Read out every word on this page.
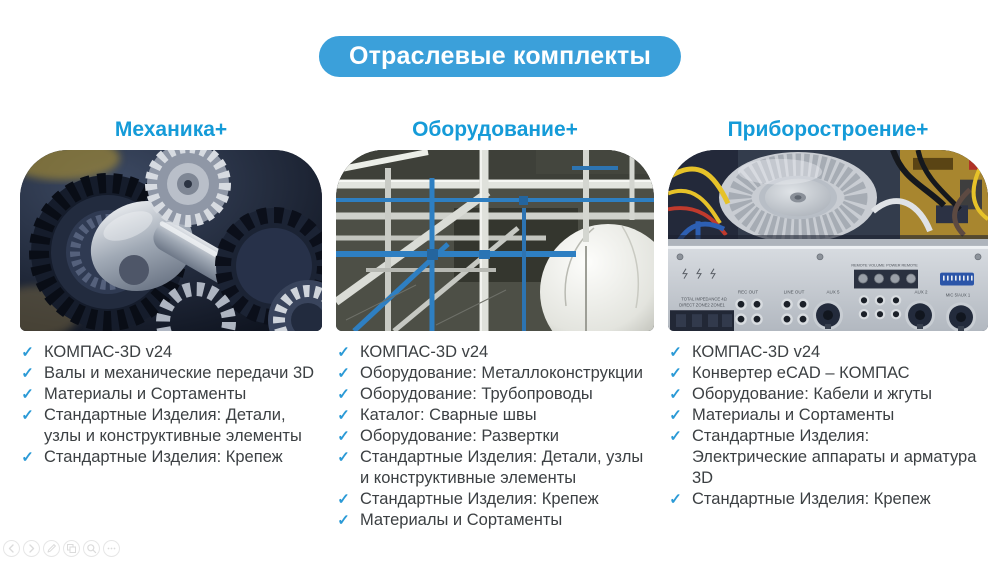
Отраслевые комплекты
Механика+
✓ КОМПАС-3D v24
✓ Валы и механические передачи 3D
✓ Материалы и Сортаменты
✓ Стандартные Изделия: Детали, узлы и конструктивные элементы
✓ Стандартные Изделия: Крепеж
Оборудование+
✓ КОМПАС-3D v24
✓ Оборудование: Металлоконструкции
✓ Оборудование: Трубопроводы
✓ Каталог: Сварные швы
✓ Оборудование: Развертки
✓ Стандартные Изделия: Детали, узлы и конструктивные элементы
✓ Стандартные Изделия: Крепеж
✓ Материалы и Сортаменты
Приборостроение+
TOTAL IMPEDANCE 4Ω
DIRECT ZONE2 ZONE1
REC OUT	LINE OUT	AUX 5
REMOTE VOLUME POWER REMOTE
AUX 2
MIC 5/AUX 1
✓ КОМПАС-3D v24
✓ Конвертер eCAD – КОМПАС
✓ Оборудование: Кабели и жгуты
✓ Материалы и Сортаменты
✓ Стандартные Изделия: Электрические аппараты и арматура 3D
✓ Стандартные Изделия: Крепеж
